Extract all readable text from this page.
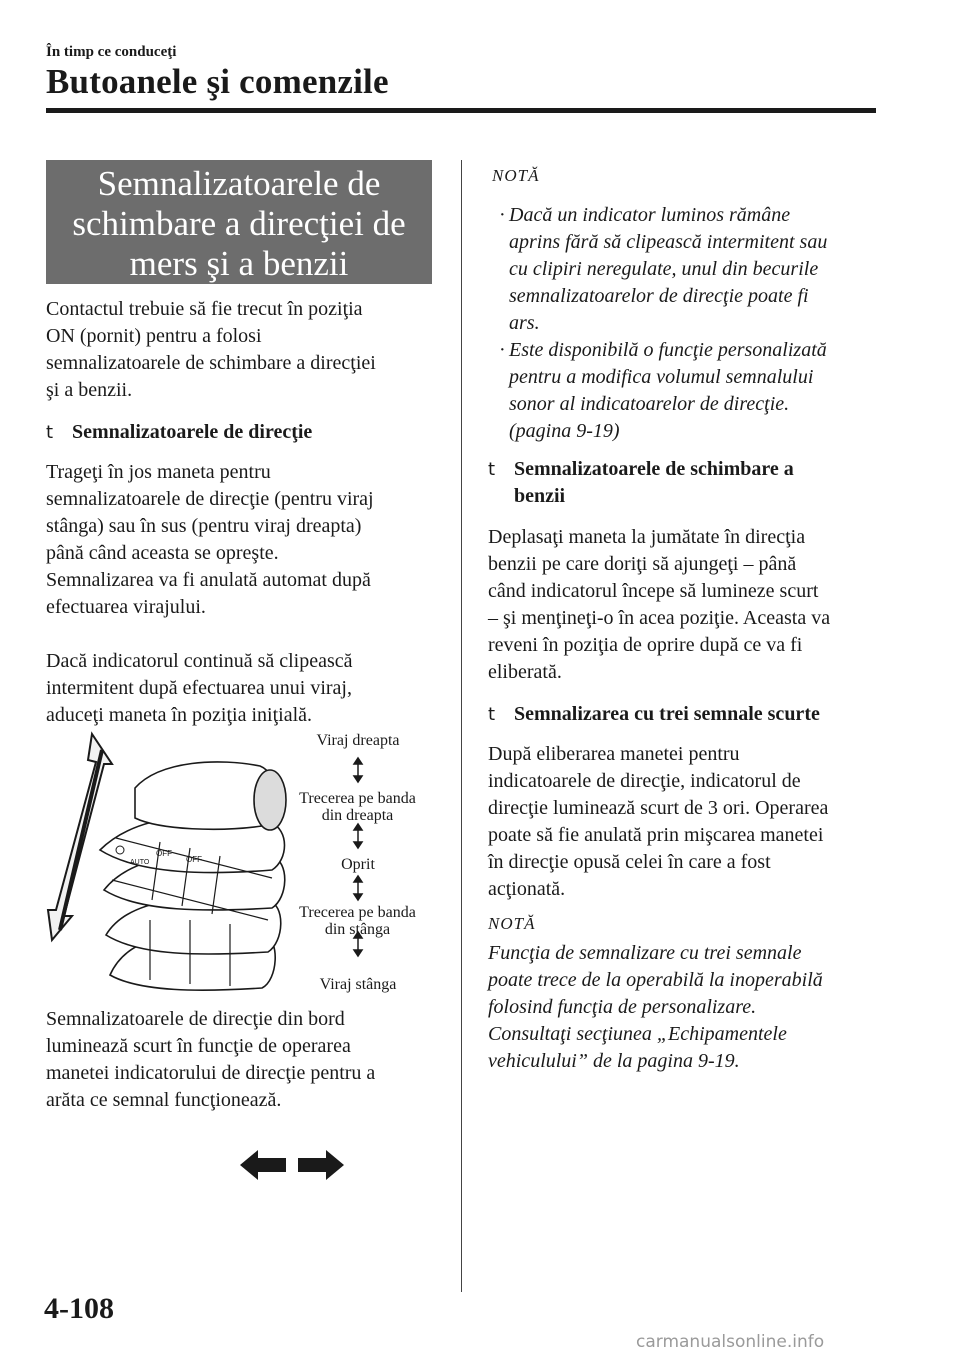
În timp ce conduceţi
Butoanele şi comenzile
Semnalizatoarele de
schimbare a direcţiei de
mers şi a benzii
Contactul trebuie să fie trecut în poziţia
ON (pornit) pentru a folosi
semnalizatoarele de schimbare a direcţiei
şi a benzii.
t Semnalizatoarele de direcţie
Trageţi în jos maneta pentru
semnalizatoarele de direcţie (pentru viraj
stânga) sau în sus (pentru viraj dreapta)
până când aceasta se opreşte.
Semnalizarea va fi anulată automat după
efectuarea virajului.
Dacă indicatorul continuă să clipească
intermitent după efectuarea unui viraj,
aduceţi maneta în poziţia iniţială.
OFF
OFF
AUTO
Viraj dreapta
Trecerea pe banda
din dreapta
Oprit
Trecerea pe banda
din stânga
Viraj stânga
Semnalizatoarele de direcţie din bord
luminează scurt în funcţie de operarea
manetei indicatorului de direcţie pentru a
arăta ce semnal funcţionează.
NOTĂ
· Dacă un indicator luminos rămâne
aprins fără să clipească intermitent sau
cu clipiri neregulate, unul din becurile
semnalizatoarelor de direcţie poate fi
ars.
· Este disponibilă o funcţie personalizată
pentru a modifica volumul semnalului
sonor al indicatoarelor de direcţie.
(pagina 9-19)
t Semnalizatoarele de schimbare a
benzii
Deplasaţi maneta la jumătate în direcţia
benzii pe care doriţi să ajungeţi – până
când indicatorul începe să lumineze scurt
– şi menţineţi-o în acea poziţie. Aceasta va
reveni în poziţia de oprire după ce va fi
eliberată.
t Semnalizarea cu trei semnale scurte
După eliberarea manetei pentru
indicatoarele de direcţie, indicatorul de
direcţie luminează scurt de 3 ori. Operarea
poate să fie anulată prin mişcarea manetei
în direcţie opusă celei în care a fost
acţionată.
NOTĂ
Funcţia de semnalizare cu trei semnale
poate trece de la operabilă la inoperabilă
folosind funcţia de personalizare.
Consultaţi secţiunea „Echipamentele
vehiculului” de la pagina 9-19.
4-108
carmanualsonline.info
